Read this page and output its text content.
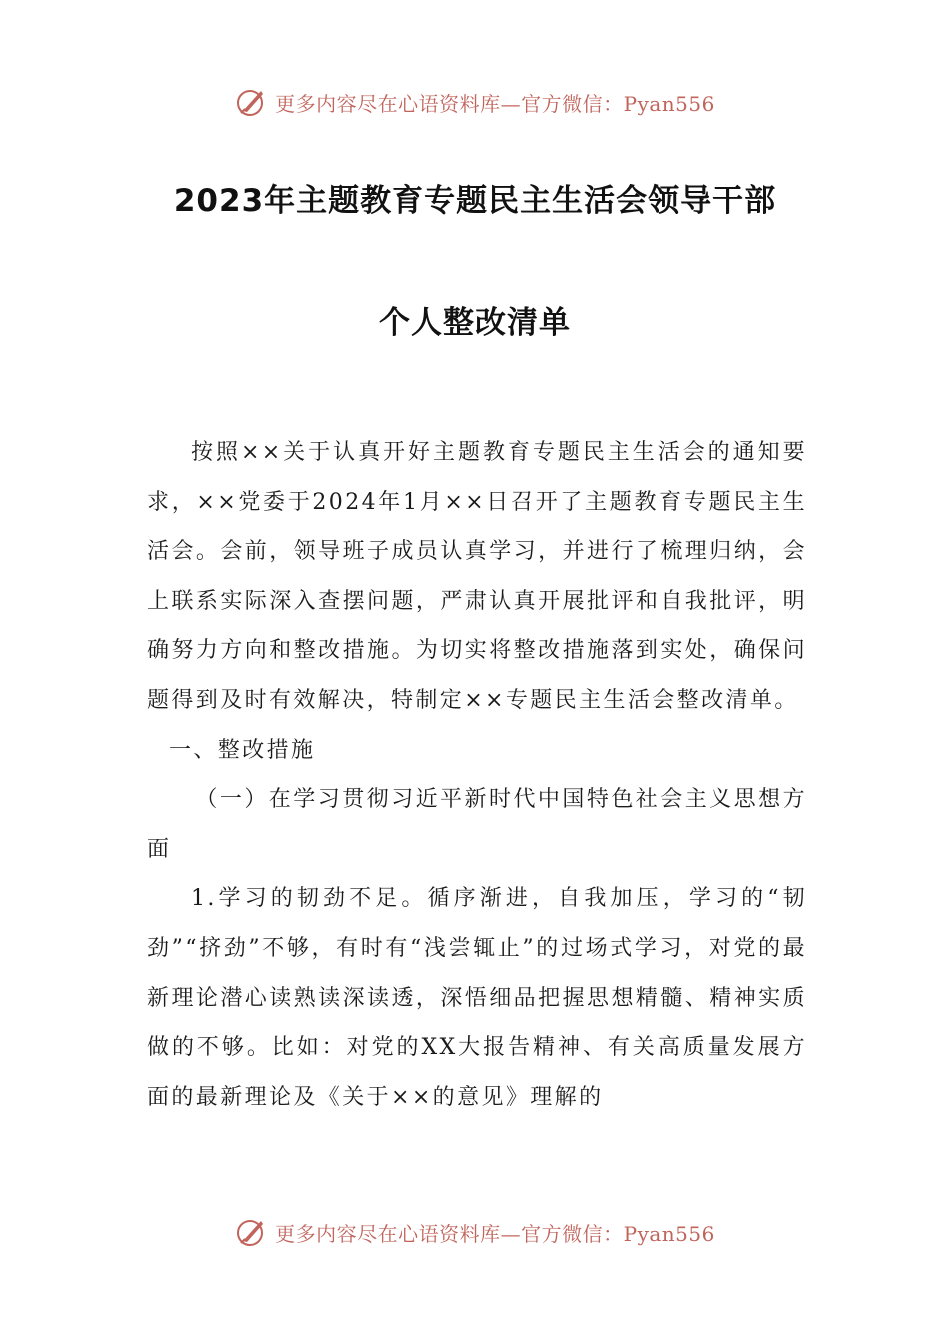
更多内容尽在心语资料库—官方微信：Pyan556
2023年主题教育专题民主生活会领导干部
个人整改清单

按照××关于认真开好主题教育专题民主生活会的通知要求，××党委于2024年1月××日召开了主题教育专题民主生活会。会前，领导班子成员认真学习，并进行了梳理归纳，会上联系实际深入查摆问题，严肃认真开展批评和自我批评，明确努力方向和整改措施。为切实将整改措施落到实处，确保问题得到及时有效解决，特制定××专题民主生活会整改清单。

一、整改措施

（一）在学习贯彻习近平新时代中国特色社会主义思想方面

1.学习的韧劲不足。循序渐进，自我加压，学习的“韧劲”“挤劲”不够，有时有“浅尝辄止”的过场式学习，对党的最新理论潜心读熟读深读透，深悟细品把握思想精髓、精神实质做的不够。比如：对党的XX大报告精神、有关高质量发展方面的最新理论及《关于××的意见》理解的

更多内容尽在心语资料库—官方微信：Pyan556
